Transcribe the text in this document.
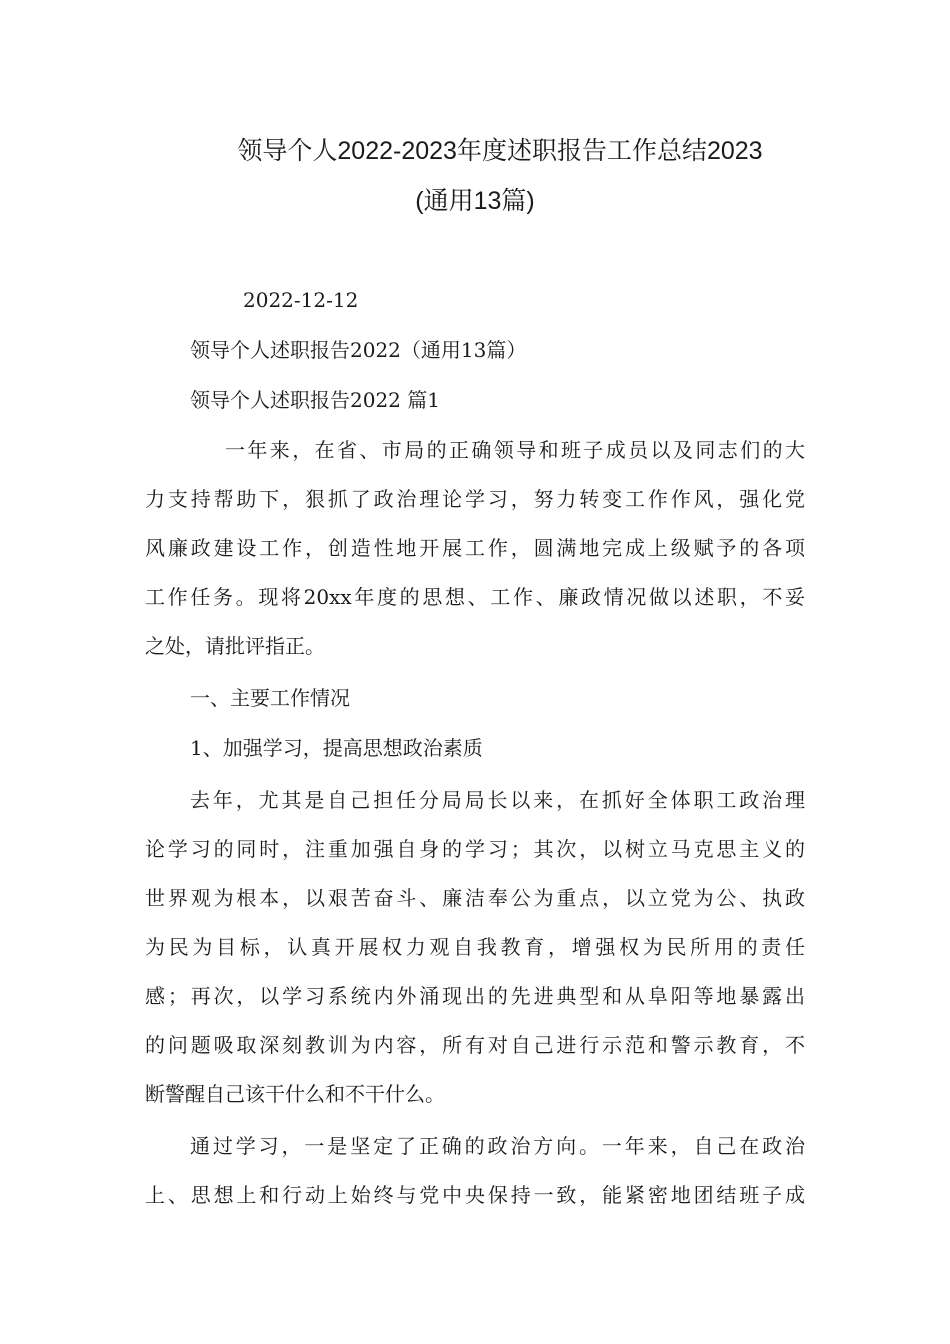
领导个人2022-2023年度述职报告工作总结2023
(通用13篇)

2022-12-12

领导个人述职报告2022（通用13篇）

领导个人述职报告2022 篇1

一年来，在省、市局的正确领导和班子成员以及同志们的大

力支持帮助下，狠抓了政治理论学习，努力转变工作作风，强化党

风廉政建设工作，创造性地开展工作，圆满地完成上级赋予的各项

工作任务。现将20xx年度的思想、工作、廉政情况做以述职，不妥

之处，请批评指正。

一、主要工作情况

1、加强学习，提高思想政治素质

去年，尤其是自己担任分局局长以来，在抓好全体职工政治理

论学习的同时，注重加强自身的学习；其次，以树立马克思主义的

世界观为根本，以艰苦奋斗、廉洁奉公为重点，以立党为公、执政

为民为目标，认真开展权力观自我教育，增强权为民所用的责任

感；再次，以学习系统内外涌现出的先进典型和从阜阳等地暴露出

的问题吸取深刻教训为内容，所有对自己进行示范和警示教育，不

断警醒自己该干什么和不干什么。

通过学习，一是坚定了正确的政治方向。一年来，自己在政治

上、思想上和行动上始终与党中央保持一致，能紧密地团结班子成
